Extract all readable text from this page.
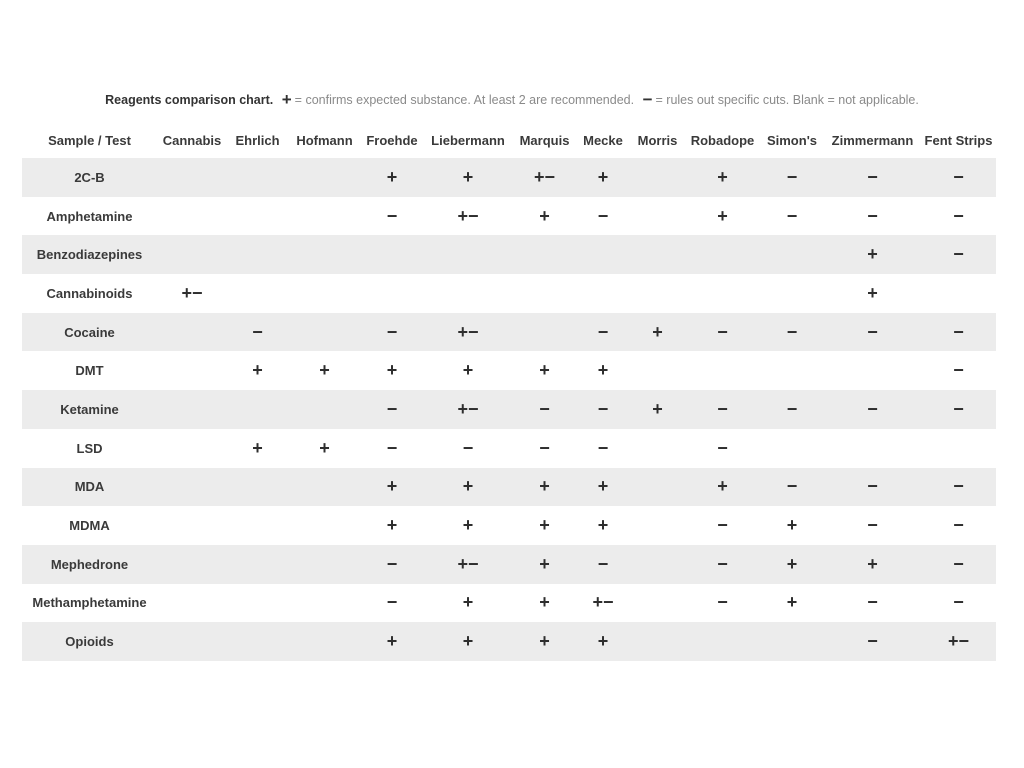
Reagents comparison chart. + = confirms expected substance. At least 2 are recommended. − = rules out specific cuts. Blank = not applicable.
Sample / Test	Cannabis	Ehrlich	Hofmann	Froehde	Liebermann	Marquis	Mecke	Morris	Robadope	Simon's	Zimmermann	Fent Strips
2C-B				+	+	+−	+		+	−	−	−
Amphetamine				−	+−	+	−		+	−	−	−
Benzodiazepines											+	−
Cannabinoids	+−										+	
Cocaine		−		−	+−		−	+	−	−	−	−
DMT		+	+	+	+	+	+					−
Ketamine				−	+−	−	−	+	−	−	−	−
LSD		+	+	−	−	−	−		−			
MDA				+	+	+	+		+	−	−	−
MDMA				+	+	+	+		−	+	−	−
Mephedrone				−	+−	+	−		−	+	+	−
Methamphetamine				−	+	+	+−		−	+	−	−
Opioids				+	+	+	+				−	+−
